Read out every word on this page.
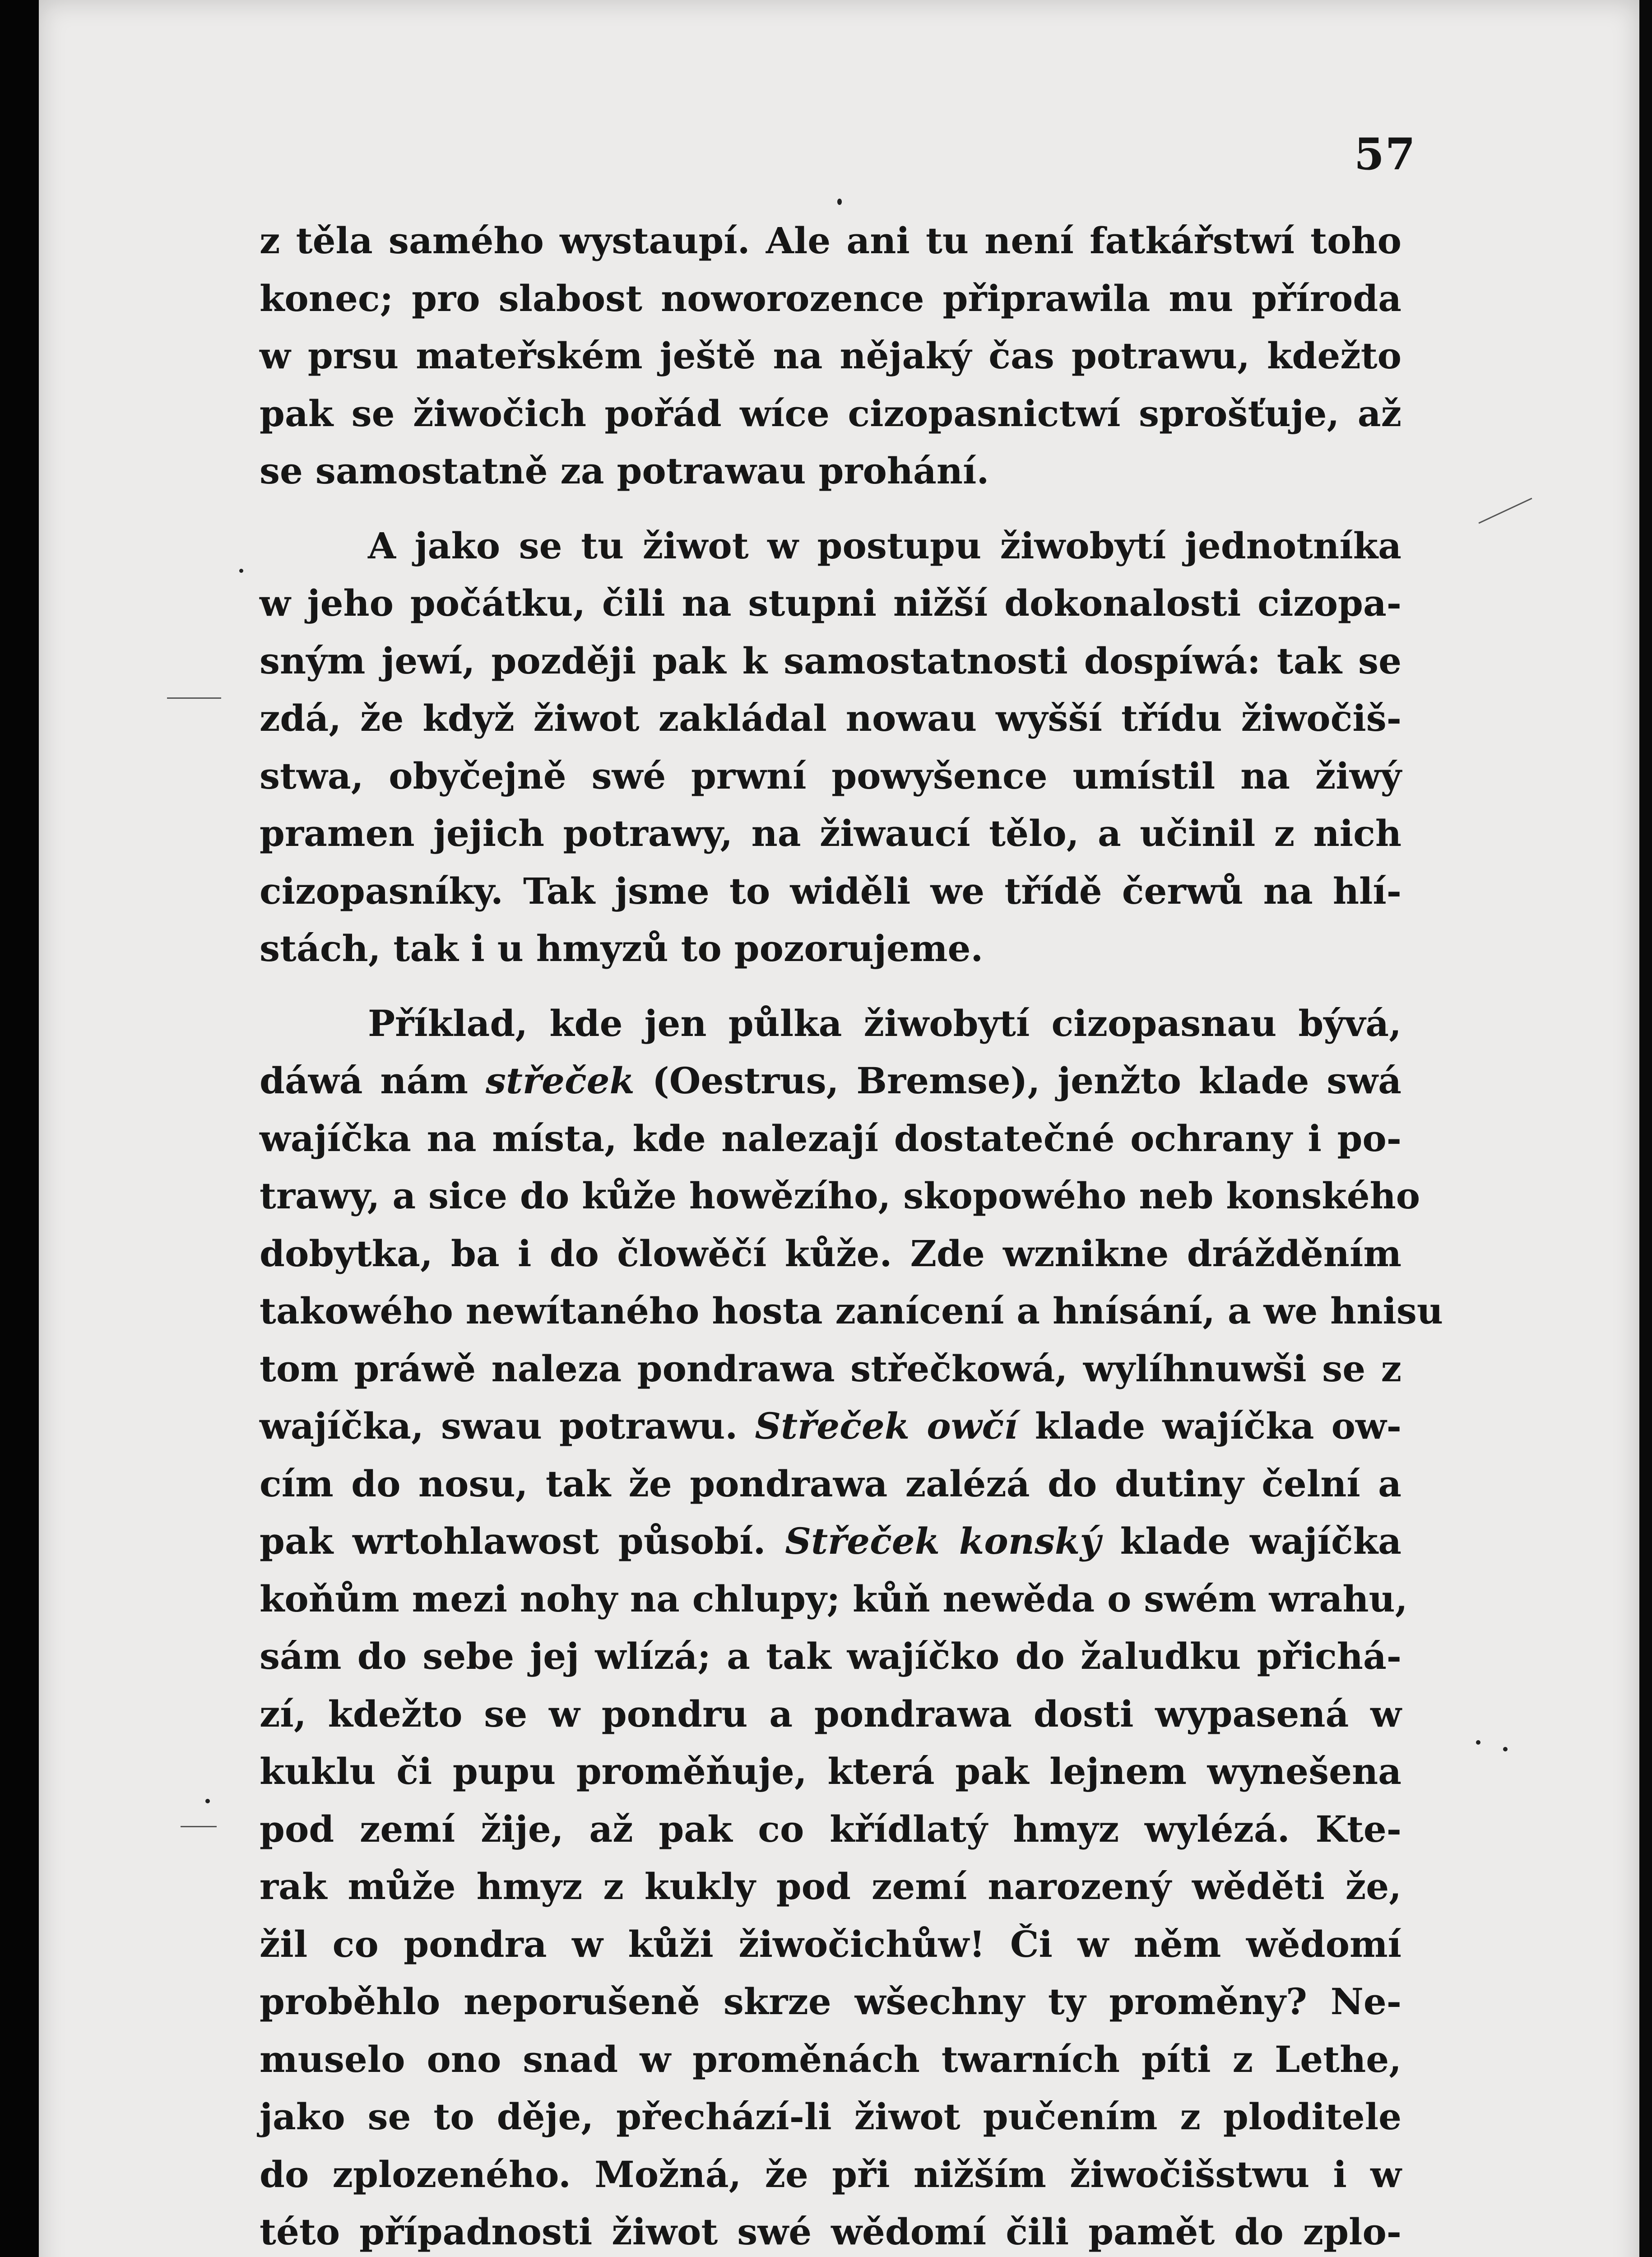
57
z těla samého wystaupí. Ale ani tu není fatkářstwí toho
konec; pro slabost noworozence připrawila mu příroda
w prsu mateřském ještě na nějaký čas potrawu, kdežto
pak se žiwočich pořád wíce cizopasnictwí sprošťuje, až
se samostatně za potrawau prohání.
A jako se tu žiwot w postupu žiwobytí jednotníka
w jeho počátku, čili na stupni nižší dokonalosti cizopa-
sným jewí, později pak k samostatnosti dospíwá: tak se
zdá, že když žiwot zakládal nowau wyšší třídu žiwočiš-
stwa, obyčejně swé prwní powyšence umístil na žiwý
pramen jejich potrawy, na žiwaucí tělo, a učinil z nich
cizopasníky. Tak jsme to widěli we třídě čerwů na hlí-
stách, tak i u hmyzů to pozorujeme.
Příklad, kde jen půlka žiwobytí cizopasnau bývá,
dáwá nám střeček (Oestrus, Bremse), jenžto klade swá
wajíčka na místa, kde nalezají dostatečné ochrany i po-
trawy, a sice do kůže howězího, skopowého neb konského
dobytka, ba i do člowěčí kůže. Zde wznikne drážděním
takowého newítaného hosta zanícení a hnísání, a we hnisu
tom práwě naleza pondrawa střečkowá, wylíhnuwši se z
wajíčka, swau potrawu. Střeček owčí klade wajíčka ow-
cím do nosu, tak že pondrawa zalézá do dutiny čelní a
pak wrtohlawost působí. Střeček konský klade wajíčka
koňům mezi nohy na chlupy; kůň newěda o swém wrahu,
sám do sebe jej wlízá; a tak wajíčko do žaludku přichá-
zí, kdežto se w pondru a pondrawa dosti wypasená w
kuklu či pupu proměňuje, která pak lejnem wynešena
pod zemí žije, až pak co křídlatý hmyz wylézá. Kte-
rak může hmyz z kukly pod zemí narozený wěděti že,
žil co pondra w kůži žiwočichůw! Či w něm wědomí
proběhlo neporušeně skrze wšechny ty proměny? Ne-
muselo ono snad w proměnách twarních píti z Lethe,
jako se to děje, přechází-li žiwot pučením z ploditele
do zplozeného. Možná, že při nižším žiwočišstwu i w
této případnosti žiwot swé wědomí čili pamět do zplo-
